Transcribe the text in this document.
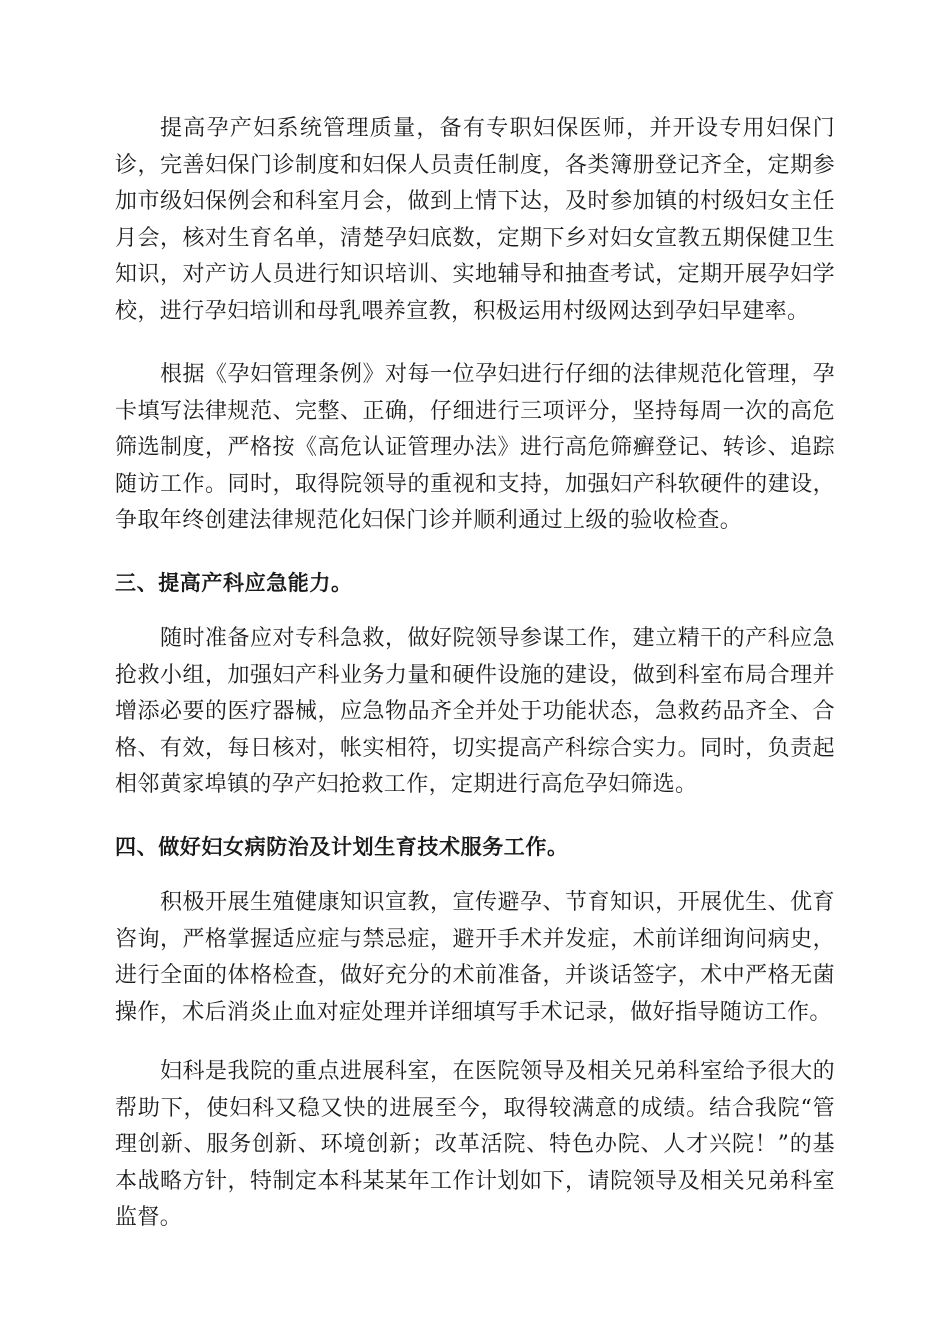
提高孕产妇系统管理质量，备有专职妇保医师，并开设专用妇保门诊，完善妇保门诊制度和妇保人员责任制度，各类簿册登记齐全，定期参加市级妇保例会和科室月会，做到上情下达，及时参加镇的村级妇女主任月会，核对生育名单，清楚孕妇底数，定期下乡对妇女宣教五期保健卫生知识，对产访人员进行知识培训、实地辅导和抽查考试，定期开展孕妇学校，进行孕妇培训和母乳喂养宣教，积极运用村级网达到孕妇早建率。

根据《孕妇管理条例》对每一位孕妇进行仔细的法律规范化管理，孕卡填写法律规范、完整、正确，仔细进行三项评分，坚持每周一次的高危筛选制度，严格按《高危认证管理办法》进行高危筛癣登记、转诊、追踪随访工作。同时，取得院领导的重视和支持，加强妇产科软硬件的建设，争取年终创建法律规范化妇保门诊并顺利通过上级的验收检查。

三、提高产科应急能力。

随时准备应对专科急救，做好院领导参谋工作，建立精干的产科应急抢救小组，加强妇产科业务力量和硬件设施的建设，做到科室布局合理并增添必要的医疗器械，应急物品齐全并处于功能状态，急救药品齐全、合格、有效，每日核对，帐实相符，切实提高产科综合实力。同时，负责起相邻黄家埠镇的孕产妇抢救工作，定期进行高危孕妇筛选。

四、做好妇女病防治及计划生育技术服务工作。

积极开展生殖健康知识宣教，宣传避孕、节育知识，开展优生、优育咨询，严格掌握适应症与禁忌症，避开手术并发症，术前详细询问病史，进行全面的体格检查，做好充分的术前准备，并谈话签字，术中严格无菌操作，术后消炎止血对症处理并详细填写手术记录，做好指导随访工作。

妇科是我院的重点进展科室，在医院领导及相关兄弟科室给予很大的帮助下，使妇科又稳又快的进展至今，取得较满意的成绩。结合我院“管理创新、服务创新、环境创新；改革活院、特色办院、人才兴院！”的基本战略方针，特制定本科某某年工作计划如下，请院领导及相关兄弟科室监督。
